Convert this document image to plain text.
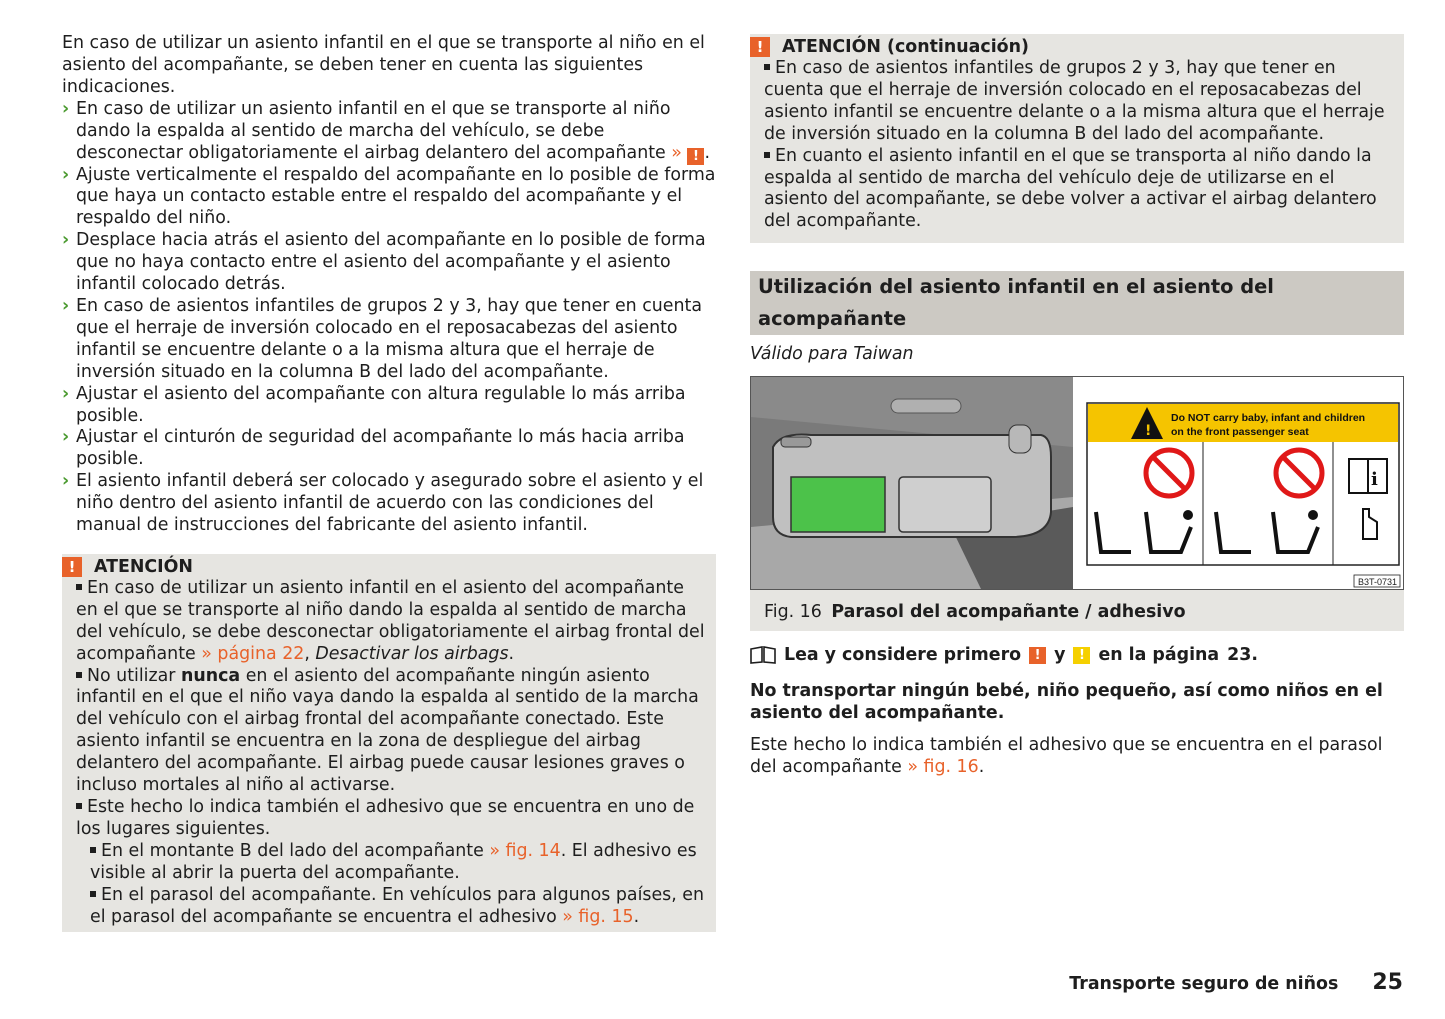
En caso de utilizar un asiento infantil en el que se transporte al niño en el asiento del acompañante, se deben tener en cuenta las siguientes indicaciones.

› En caso de utilizar un asiento infantil en el que se transporte al niño dando la espalda al sentido de marcha del vehículo, se debe desconectar obligatoriamente el airbag delantero del acompañante » ! .
› Ajuste verticalmente el respaldo del acompañante en lo posible de forma que haya un contacto estable entre el respaldo del acompañante y el respaldo del niño.
› Desplace hacia atrás el asiento del acompañante en lo posible de forma que no haya contacto entre el asiento del acompañante y el asiento infantil colocado detrás.
› En caso de asientos infantiles de grupos 2 y 3, hay que tener en cuenta que el herraje de inversión colocado en el reposacabezas del asiento infantil se encuentre delante o a la misma altura que el herraje de inversión situado en la columna B del lado del acompañante.
› Ajustar el asiento del acompañante con altura regulable lo más arriba posible.
› Ajustar el cinturón de seguridad del acompañante lo más hacia arriba posible.
› El asiento infantil deberá ser colocado y asegurado sobre el asiento y el niño dentro del asiento infantil de acuerdo con las condiciones del manual de instrucciones del fabricante del asiento infantil.
!	ATENCIÓN
En caso de utilizar un asiento infantil en el asiento del acompañante en el que se transporte al niño dando la espalda al sentido de marcha del vehículo, se debe desconectar obligatoriamente el airbag frontal del acompañante » página 22, Desactivar los airbags.
No utilizar nunca en el asiento del acompañante ningún asiento infantil en el que el niño vaya dando la espalda al sentido de la marcha del vehículo con el airbag frontal del acompañante conectado. Este asiento infantil se encuentra en la zona de despliegue del airbag delantero del acompañante. El airbag puede causar lesiones graves o incluso mortales al niño al activarse.
Este hecho lo indica también el adhesivo que se encuentra en uno de los lugares siguientes.
En el montante B del lado del acompañante » fig. 14. El adhesivo es visible al abrir la puerta del acompañante.
En el parasol del acompañante. En vehículos para algunos países, en el parasol del acompañante se encuentra el adhesivo » fig. 15.
!	ATENCIÓN (continuación)
En caso de asientos infantiles de grupos 2 y 3, hay que tener en cuenta que el herraje de inversión colocado en el reposacabezas del asiento infantil se encuentre delante o a la misma altura que el herraje de inversión situado en la columna B del lado del acompañante.
En cuanto el asiento infantil en el que se transporta al niño dando la espalda al sentido de marcha del vehículo deje de utilizarse en el asiento del acompañante, se debe volver a activar el airbag delantero del acompañante.
Utilización del asiento infantil en el asiento del acompañante
Válido para Taiwan
!
Do NOT carry baby, infant and children
on the front passenger seat
i
B3T-0731
Fig. 16 Parasol del acompañante / adhesivo
Lea y considere primero	! y	! en la página 23.

No transportar ningún bebé, niño pequeño, así como niños en el asiento del acompañante.

Este hecho lo indica también el adhesivo que se encuentra en el parasol del acompañante » fig. 16.

Transporte seguro de niños 25
